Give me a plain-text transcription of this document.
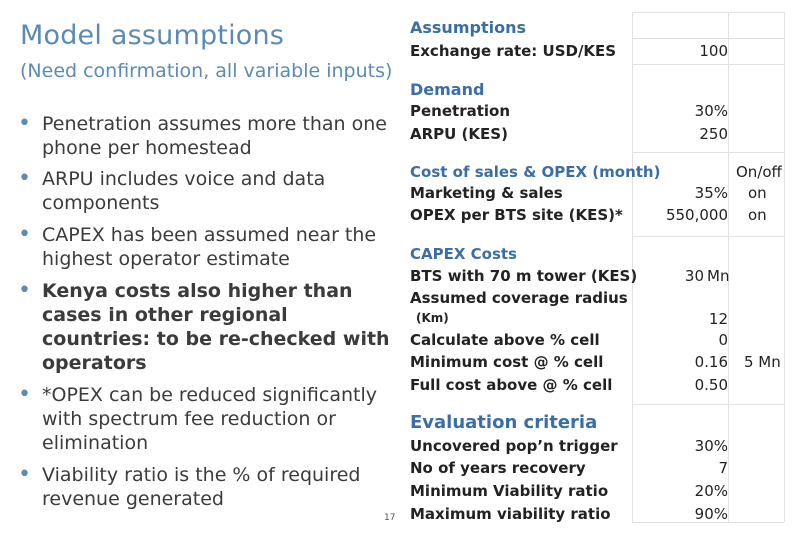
Model assumptions
(Need confirmation, all variable inputs)
• Penetration assumes more than one phone per homestead
• ARPU includes voice and data components
• CAPEX has been assumed near the highest operator estimate
• Kenya costs also higher than cases in other regional countries: to be re-checked with operators
• *OPEX can be reduced significantly with spectrum fee reduction or elimination
• Viability ratio is the % of required revenue generated
17
Assumptions
Exchange rate: USD/KES	100
Demand
Penetration	30%
ARPU (KES)	250
Cost of sales & OPEX (month)	On/off
Marketing & sales	35% on
OPEX per BTS site (KES)*	550,000 on
CAPEX Costs
BTS with 70 m tower (KES)	30 Mn
Assumed coverage radius
(Km)	12
Calculate above % cell	0
Minimum cost @ % cell	0.16 5 Mn
Full cost above @ % cell	0.50
Evaluation criteria
Uncovered pop’n trigger	30%
No of years recovery	7
Minimum Viability ratio	20%
Maximum viability ratio	90%
